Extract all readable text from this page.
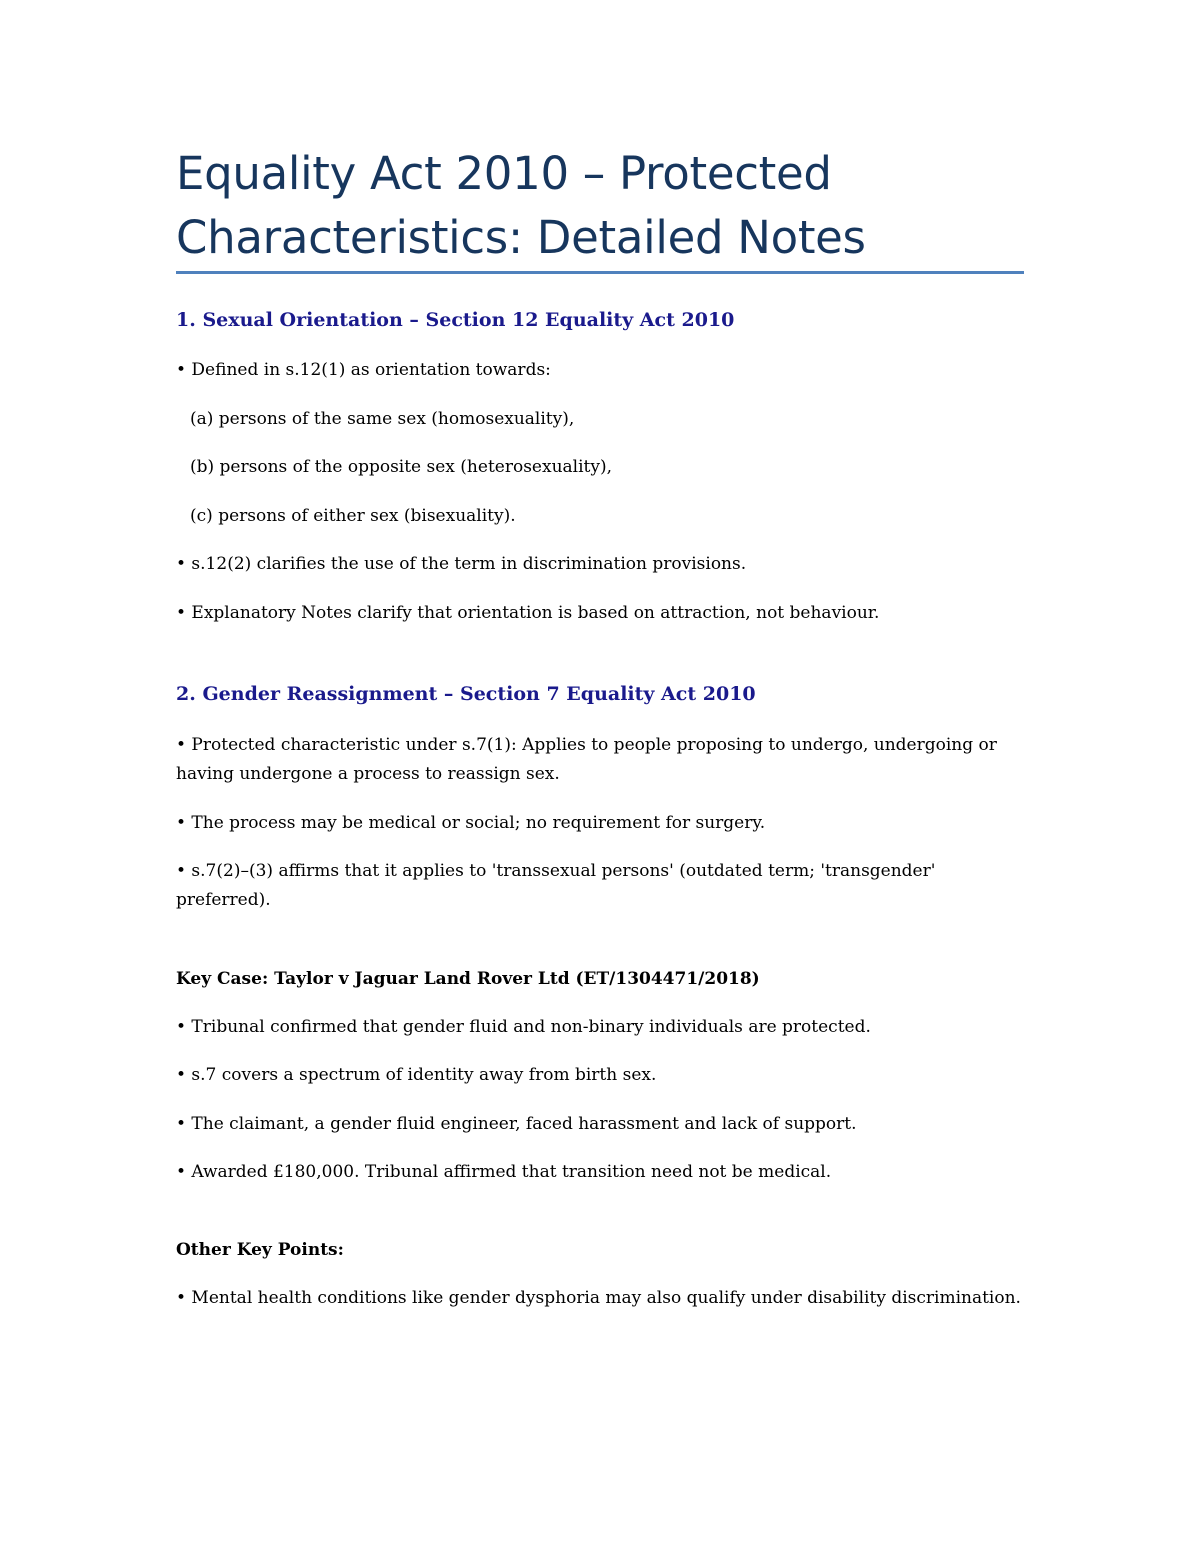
Equality Act 2010 – Protected Characteristics: Detailed Notes
1. Sexual Orientation – Section 12 Equality Act 2010

• Defined in s.12(1) as orientation towards:

(a) persons of the same sex (homosexuality),

(b) persons of the opposite sex (heterosexuality),

(c) persons of either sex (bisexuality).

• s.12(2) clarifies the use of the term in discrimination provisions.

• Explanatory Notes clarify that orientation is based on attraction, not behaviour.

2. Gender Reassignment – Section 7 Equality Act 2010

• Protected characteristic under s.7(1): Applies to people proposing to undergo, undergoing or having undergone a process to reassign sex.

• The process may be medical or social; no requirement for surgery.

• s.7(2)–(3) affirms that it applies to 'transsexual persons' (outdated term; 'transgender' preferred).

Key Case: Taylor v Jaguar Land Rover Ltd (ET/1304471/2018)

• Tribunal confirmed that gender fluid and non-binary individuals are protected.

• s.7 covers a spectrum of identity away from birth sex.

• The claimant, a gender fluid engineer, faced harassment and lack of support.

• Awarded £180,000. Tribunal affirmed that transition need not be medical.

Other Key Points:

• Mental health conditions like gender dysphoria may also qualify under disability discrimination.
